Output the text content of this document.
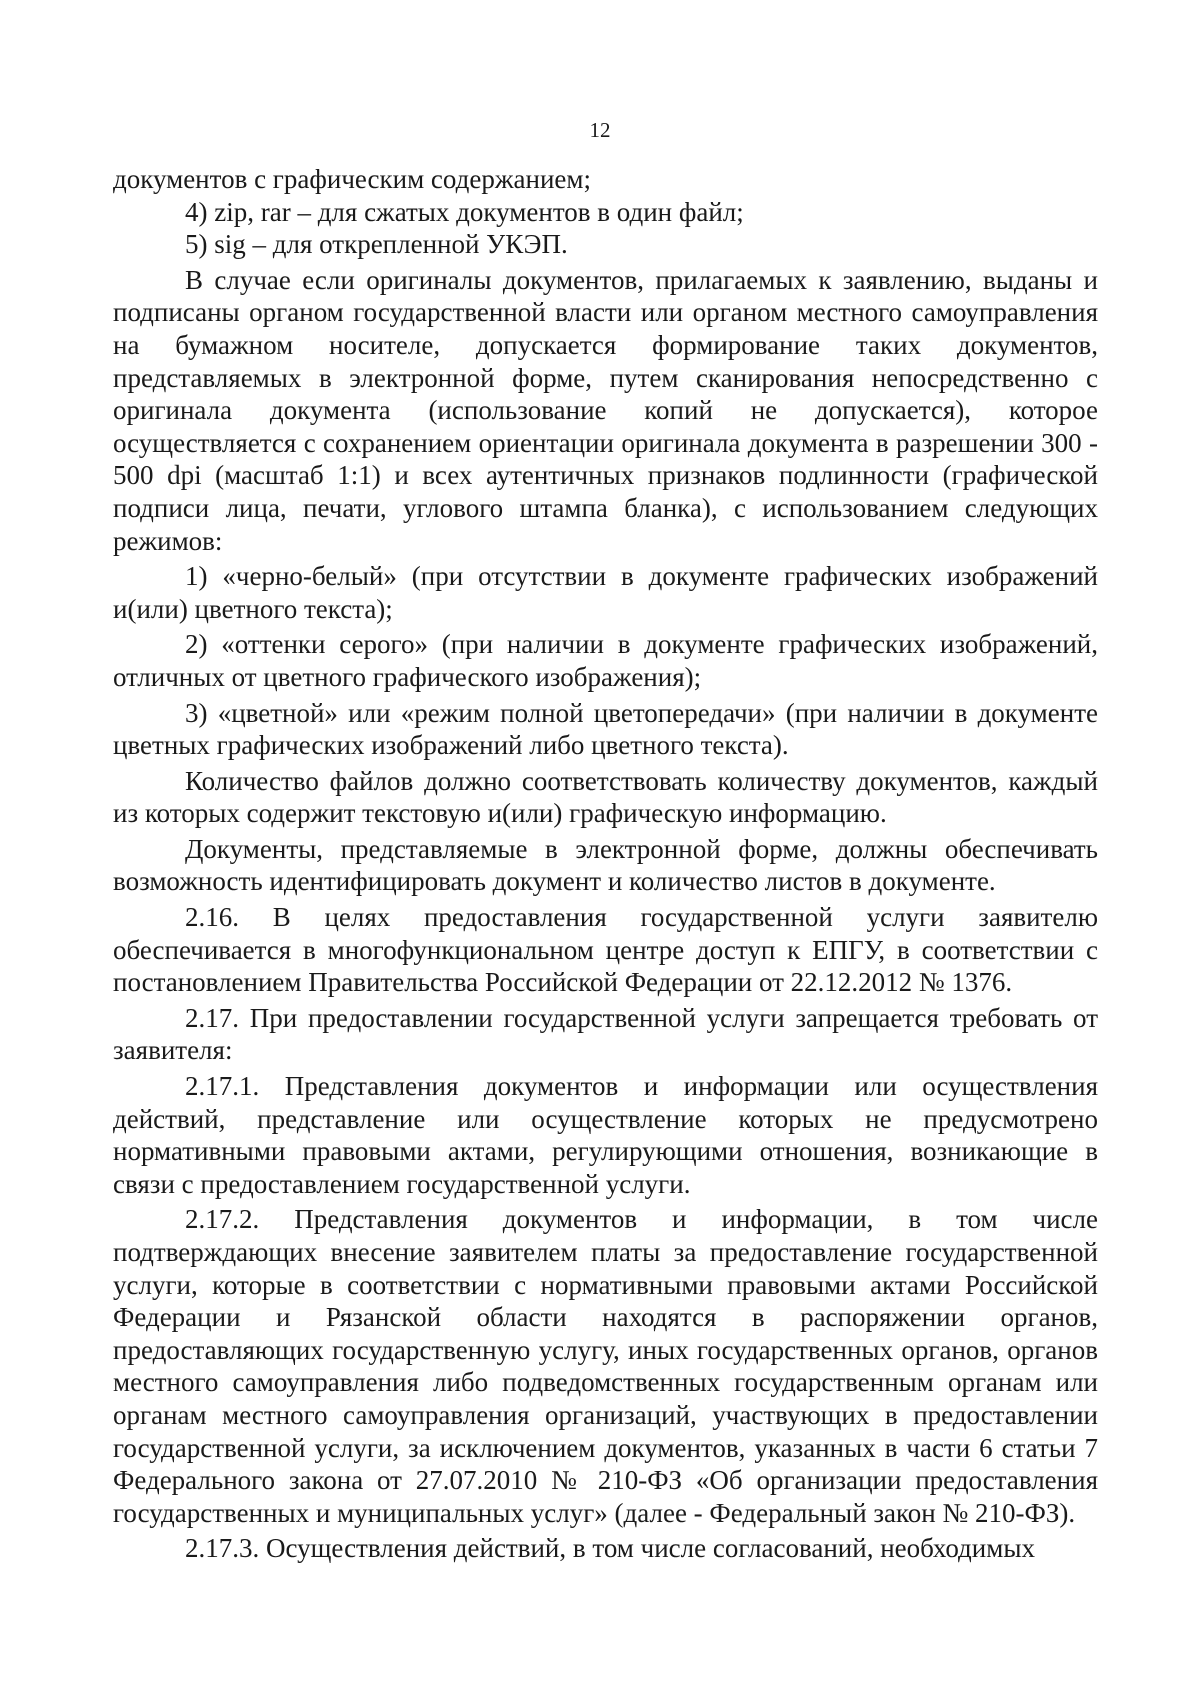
12

документов с графическим содержанием;

4) zip, rar – для сжатых документов в один файл;

5) sig – для открепленной УКЭП.

В случае если оригиналы документов, прилагаемых к заявлению, выданы и подписаны органом государственной власти или органом местного самоуправления на бумажном носителе, допускается формирование таких документов, представляемых в электронной форме, путем сканирования непосредственно с оригинала документа (использование копий не допускается), которое осуществляется с сохранением ориентации оригинала документа в разрешении 300 - 500 dpi (масштаб 1:1) и всех аутентичных признаков подлинности (графической подписи лица, печати, углового штампа бланка), с использованием следующих режимов:

1) «черно-белый» (при отсутствии в документе графических изображений и(или) цветного текста);

2) «оттенки серого» (при наличии в документе графических изображений, отличных от цветного графического изображения);

3) «цветной» или «режим полной цветопередачи» (при наличии в документе цветных графических изображений либо цветного текста).

Количество файлов должно соответствовать количеству документов, каждый из которых содержит текстовую и(или) графическую информацию.

Документы, представляемые в электронной форме, должны обеспечивать возможность идентифицировать документ и количество листов в документе.

2.16. В целях предоставления государственной услуги заявителю обеспечивается в многофункциональном центре доступ к ЕПГУ, в соответствии с постановлением Правительства Российской Федерации от 22.12.2012 № 1376.

2.17. При предоставлении государственной услуги запрещается требовать от заявителя:

2.17.1. Представления документов и информации или осуществления действий, представление или осуществление которых не предусмотрено нормативными правовыми актами, регулирующими отношения, возникающие в связи с предоставлением государственной услуги.

2.17.2. Представления документов и информации, в том числе подтверждающих внесение заявителем платы за предоставление государственной услуги, которые в соответствии с нормативными правовыми актами Российской Федерации и Рязанской области находятся в распоряжении органов, предоставляющих государственную услугу, иных государственных органов, органов местного самоуправления либо подведомственных государственным органам или органам местного самоуправления организаций, участвующих в предоставлении государственной услуги, за исключением документов, указанных в части 6 статьи 7 Федерального закона от 27.07.2010 № 210-ФЗ «Об организации предоставления государственных и муниципальных услуг» (далее - Федеральный закон № 210-ФЗ).

2.17.3. Осуществления действий, в том числе согласований, необходимых
